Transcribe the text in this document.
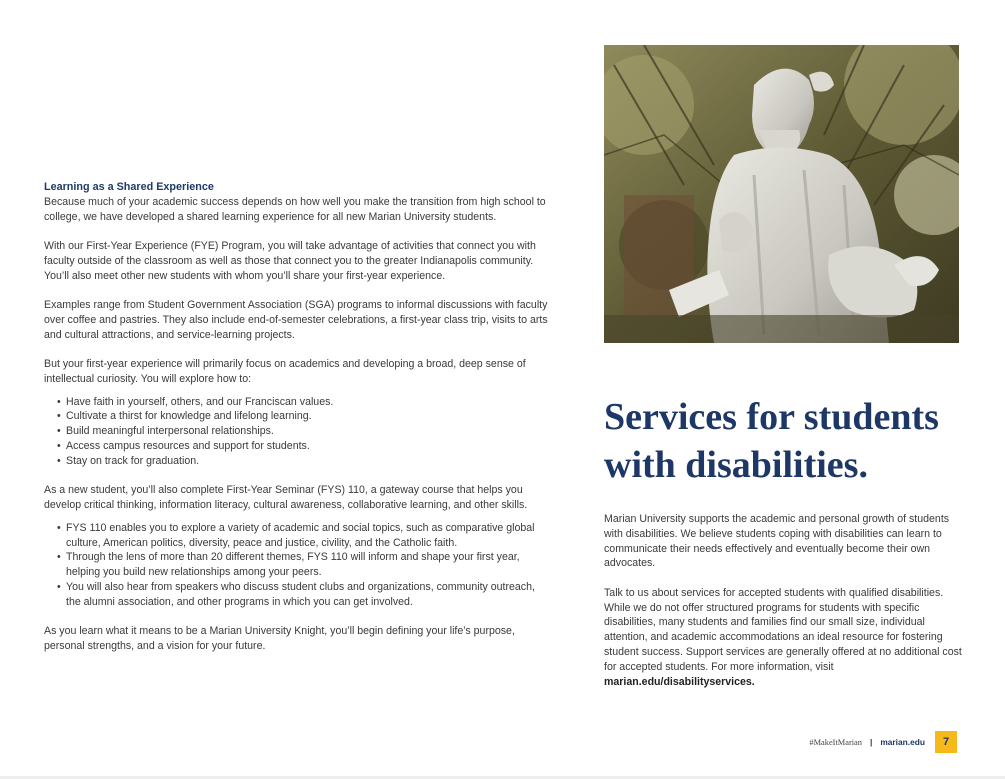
Learning as a Shared Experience

Because much of your academic success depends on how well you make the transition from high school to college, we have developed a shared learning experience for all new Marian University students.

With our First-Year Experience (FYE) Program, you will take advantage of activities that connect you with faculty outside of the classroom as well as those that connect you to the greater Indianapolis community. You’ll also meet other new students with whom you’ll share your first-year experience.

Examples range from Student Government Association (SGA) programs to informal discussions with faculty over coffee and pastries. They also include end-of-semester celebrations, a first-year class trip, visits to arts and cultural attractions, and service-learning projects.

But your first-year experience will primarily focus on academics and developing a broad, deep sense of intellectual curiosity. You will explore how to:

• Have faith in yourself, others, and our Franciscan values.
• Cultivate a thirst for knowledge and lifelong learning.
• Build meaningful interpersonal relationships.
• Access campus resources and support for students.
• Stay on track for graduation.

As a new student, you’ll also complete First-Year Seminar (FYS) 110, a gateway course that helps you develop critical thinking, information literacy, cultural awareness, collaborative learning, and other skills.

• FYS 110 enables you to explore a variety of academic and social topics, such as comparative global culture, American politics, diversity, peace and justice, civility, and the Catholic faith.
• Through the lens of more than 20 different themes, FYS 110 will inform and shape your first year, helping you build new relationships among your peers.
• You will also hear from speakers who discuss student clubs and organizations, community outreach, the alumni association, and other programs in which you can get involved.

As you learn what it means to be a Marian University Knight, you’ll begin defining your life’s purpose, personal strengths, and a vision for your future.

Services for students with disabilities.

Marian University supports the academic and personal growth of students with disabilities. We believe students coping with disabilities can learn to communicate their needs effectively and eventually become their own advocates.

Talk to us about services for accepted students with qualified disabilities. While we do not offer structured programs for students with specific disabilities, many students and families find our small size, individual attention, and academic accommodations an ideal resource for fostering student success. Support services are generally offered at no additional cost for accepted students. For more information, visit marian.edu/disabilityservices.

#MakeItMarian | marian.edu	7
